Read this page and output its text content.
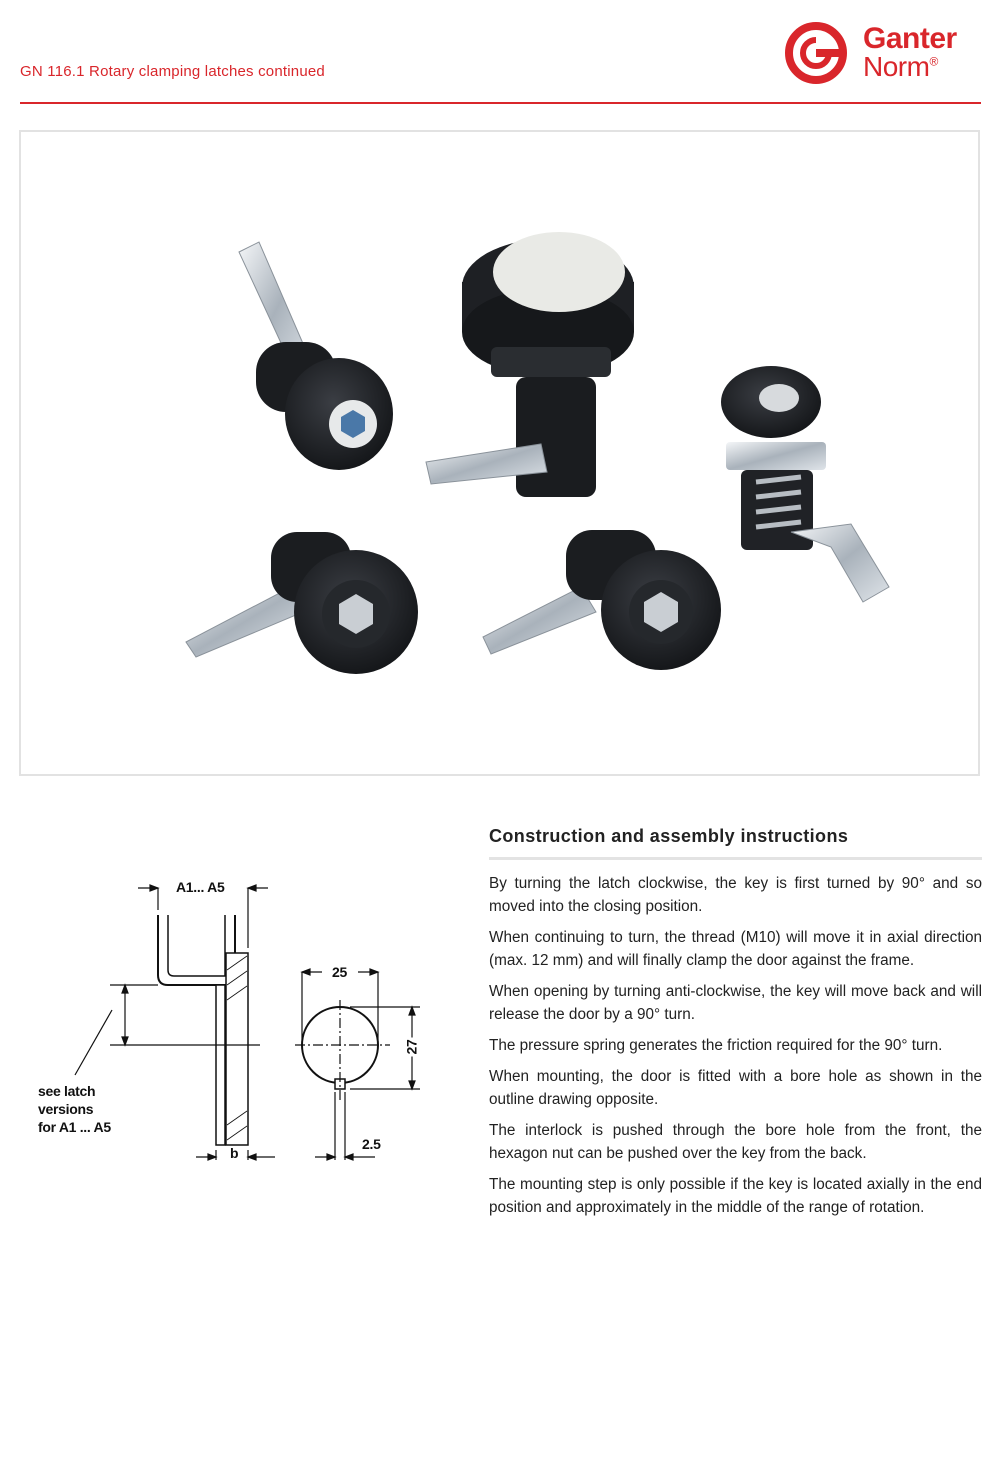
GN 116.1 Rotary clamping latches continued
Ganter
Norm®
A1... A5
25
27
b
2.5
see latch
versions
for A1 ... A5
Construction and assembly instructions

By turning the latch clockwise, the key is first turned by 90° and so moved into the closing position.

When continuing to turn, the thread (M10) will move it in axial direction (max. 12 mm) and will finally clamp the door against the frame.

When opening by turning anti-clockwise, the key will move back and will release the door by a 90° turn.

The pressure spring generates the friction required for the 90° turn.

When mounting, the door is fitted with a bore hole as shown in the outline drawing opposite.

The interlock is pushed through the bore hole from the front, the hexagon nut can be pushed over the key from the back.

The mounting step is only possible if the key is located axially in the end position and approximately in the middle of the range of rotation.
